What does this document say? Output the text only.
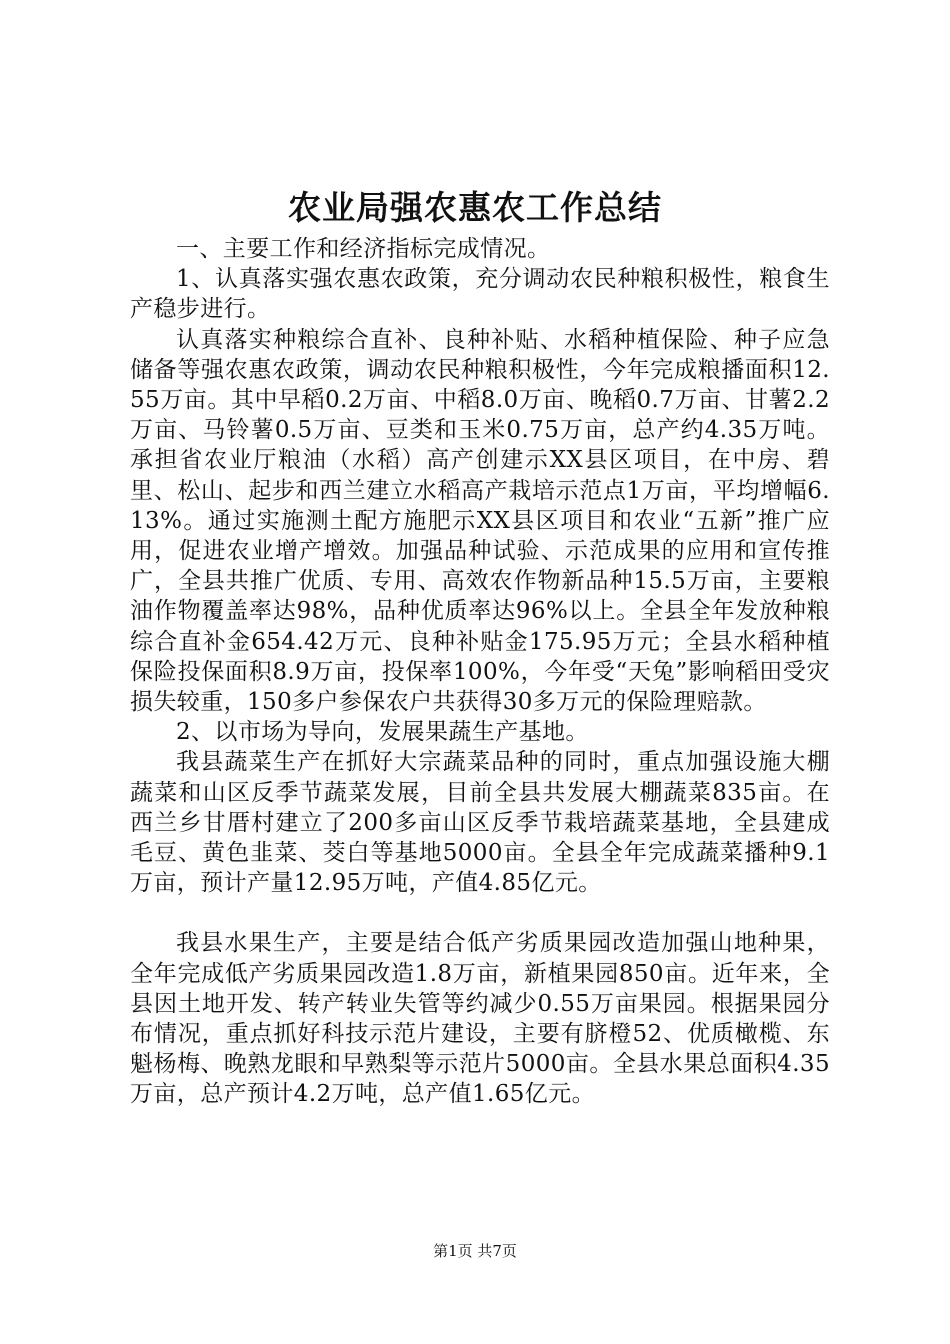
农业局强农惠农工作总结

一、主要工作和经济指标完成情况。

1、认真落实强农惠农政策，充分调动农民种粮积极性，粮食生产稳步进行。

认真落实种粮综合直补、良种补贴、水稻种植保险、种子应急储备等强农惠农政策，调动农民种粮积极性，今年完成粮播面积12.55万亩。其中早稻0.2万亩、中稻8.0万亩、晚稻0.7万亩、甘薯2.2万亩、马铃薯0.5万亩、豆类和玉米0.75万亩，总产约4.35万吨。承担省农业厅粮油（水稻）高产创建示XX县区项目，在中房、碧里、松山、起步和西兰建立水稻高产栽培示范点1万亩，平均增幅6.13%。通过实施测土配方施肥示XX县区项目和农业“五新”推广应用，促进农业增产增效。加强品种试验、示范成果的应用和宣传推广，全县共推广优质、专用、高效农作物新品种15.5万亩，主要粮油作物覆盖率达98%，品种优质率达96%以上。全县全年发放种粮综合直补金654.42万元、良种补贴金175.95万元；全县水稻种植保险投保面积8.9万亩，投保率100%，今年受“天兔”影响稻田受灾损失较重，150多户参保农户共获得30多万元的保险理赔款。

2、以市场为导向，发展果蔬生产基地。

我县蔬菜生产在抓好大宗蔬菜品种的同时，重点加强设施大棚蔬菜和山区反季节蔬菜发展，目前全县共发展大棚蔬菜835亩。在西兰乡甘厝村建立了200多亩山区反季节栽培蔬菜基地，全县建成毛豆、黄色韭菜、茭白等基地5000亩。全县全年完成蔬菜播种9.1万亩，预计产量12.95万吨，产值4.85亿元。

我县水果生产，主要是结合低产劣质果园改造加强山地种果，全年完成低产劣质果园改造1.8万亩，新植果园850亩。近年来，全县因土地开发、转产转业失管等约减少0.55万亩果园。根据果园分布情况，重点抓好科技示范片建设，主要有脐橙52、优质橄榄、东魁杨梅、晚熟龙眼和早熟梨等示范片5000亩。全县水果总面积4.35万亩，总产预计4.2万吨，总产值1.65亿元。

第1页 共7页
